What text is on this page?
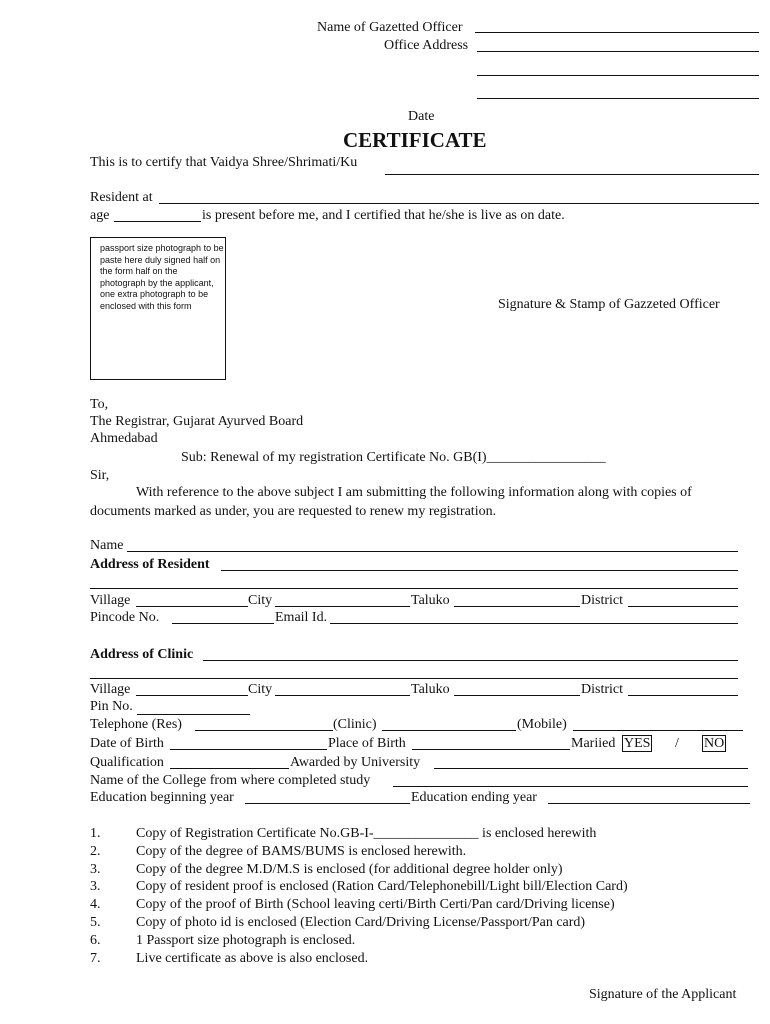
Name of Gazetted Officer
Office Address
Date
CERTIFICATE
This is to certify that Vaidya Shree/Shrimati/Ku
Resident at
age	is present before me, and I certified that he/she is live as on date.
passport size photograph to be paste here duly signed half on the form half on the photograph by the applicant, one extra photograph to be enclosed with this form	Signature & Stamp of Gazzeted Officer
To,
The Registrar, Gujarat Ayurved Board
Ahmedabad
Sub: Renewal of my registration Certificate No. GB(I)_________________
Sir,
With reference to the above subject I am submitting the following information along with copies of
documents marked as under, you are requested to renew my registration.
Name
Address of Resident
Village	City	Taluko	District
Pincode No.	Email Id.
Address of Clinic
Village	City	Taluko	District
Pin No.
Telephone (Res)	(Clinic)	(Mobile)
Date of Birth	Place of Birth	Mariied YES / NO
Qualification	Awarded by University
Name of the College from where completed study
Education beginning year	Education ending year
1.	Copy of Registration Certificate No.GB-I-_______________ is enclosed herewith
2.	Copy of the degree of BAMS/BUMS is enclosed herewith.
3.	Copy of the degree M.D/M.S is enclosed (for additional degree holder only)
3.	Copy of resident proof is enclosed (Ration Card/Telephonebill/Light bill/Election Card)
4.	Copy of the proof of Birth (School leaving certi/Birth Certi/Pan card/Driving license)
5.	Copy of photo id is enclosed (Election Card/Driving License/Passport/Pan card)
6.	1 Passport size photograph is enclosed.
7.	Live certificate as above is also enclosed.
Signature of the Applicant
